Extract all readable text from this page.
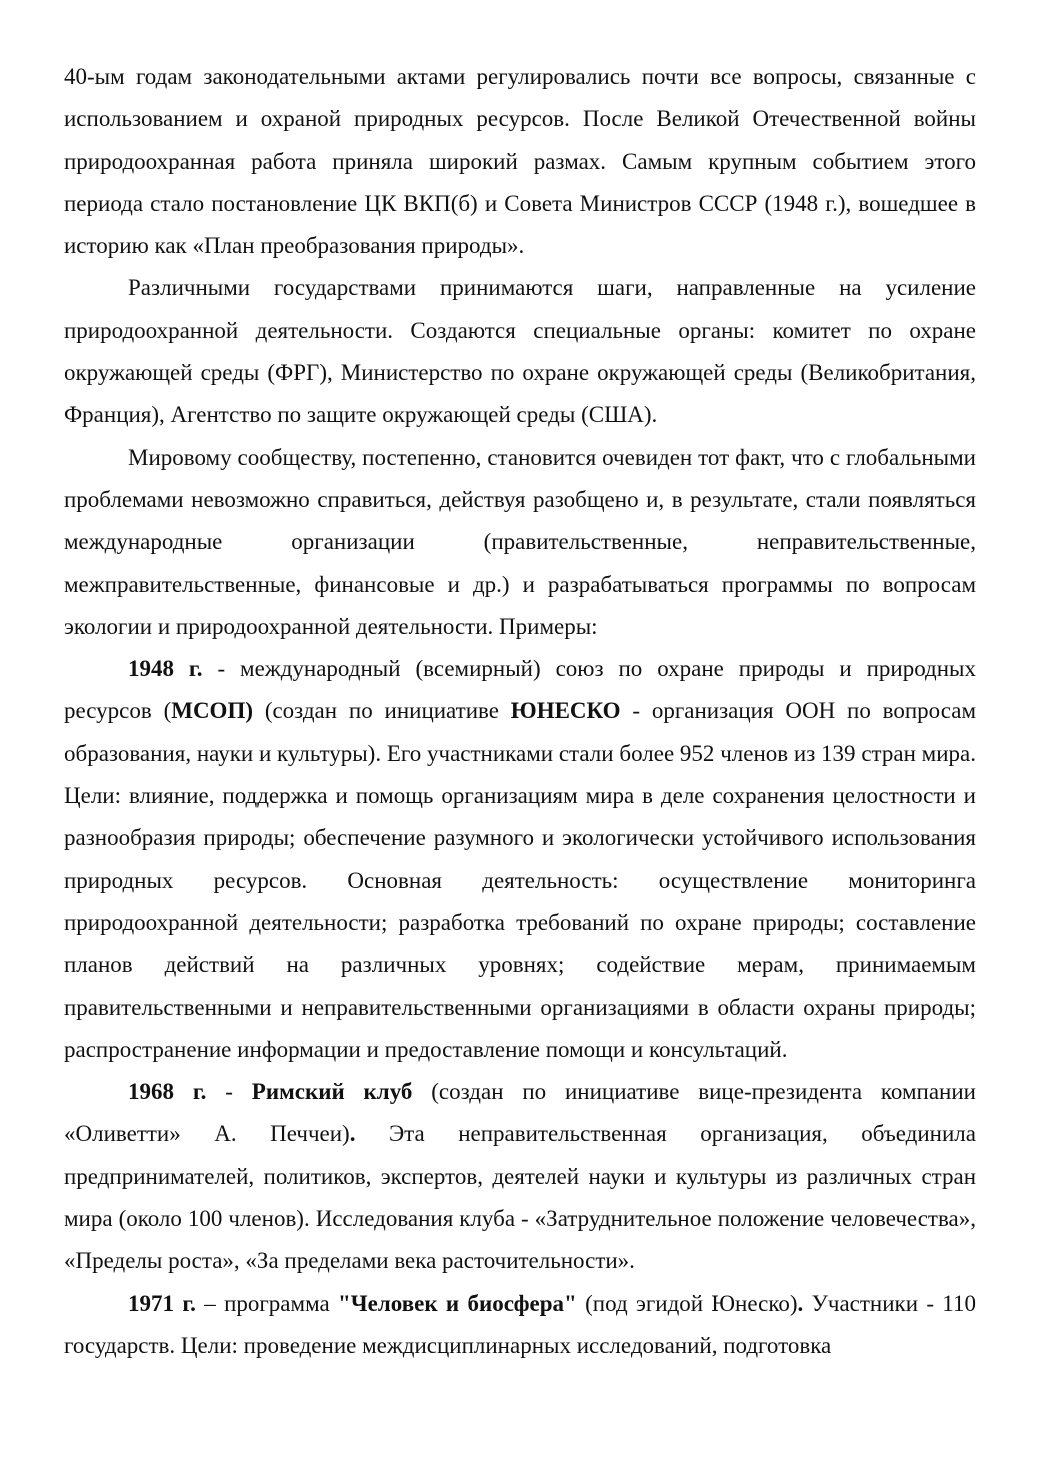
40-ым годам законодательными актами регулировались почти все вопросы, связанные с использованием и охраной природных ресурсов. После Великой Отечественной войны природоохранная работа приняла широкий размах. Самым крупным событием этого периода стало постановление ЦК ВКП(б) и Совета Министров СССР (1948 г.), вошедшее в историю как «План преобразования природы».

Различными государствами принимаются шаги, направленные на усиление природоохранной деятельности. Создаются специальные органы: комитет по охране окружающей среды (ФРГ), Министерство по охране окружающей среды (Великобритания, Франция), Агентство по защите окружающей среды (США).

Мировому сообществу, постепенно, становится очевиден тот факт, что с глобальными проблемами невозможно справиться, действуя разобщено и, в результате, стали появляться международные организации (правительственные, неправительственные, межправительственные, финансовые и др.) и разрабатываться программы по вопросам экологии и природоохранной деятельности. Примеры:

1948 г. - международный (всемирный) союз по охране природы и природных ресурсов (МСОП) (создан по инициативе ЮНЕСКО - организация ООН по вопросам образования, науки и культуры). Его участниками стали более 952 членов из 139 стран мира. Цели: влияние, поддержка и помощь организациям мира в деле сохранения целостности и разнообразия природы; обеспечение разумного и экологически устойчивого использования природных ресурсов. Основная деятельность: осуществление мониторинга природоохранной деятельности; разработка требований по охране природы; составление планов действий на различных уровнях; содействие мерам, принимаемым правительственными и неправительственными организациями в области охраны природы; распространение информации и предоставление помощи и консультаций.

1968 г. - Римский клуб (создан по инициативе вице-президента компании «Оливетти» А. Печчеи). Эта неправительственная организация, объединила предпринимателей, политиков, экспертов, деятелей науки и культуры из различных стран мира (около 100 членов). Исследования клуба - «Затруднительное положение человечества», «Пределы роста», «За пределами века расточительности».

1971 г. – программа "Человек и биосфера" (под эгидой Юнеско). Участники - 110 государств. Цели: проведение междисциплинарных исследований, подготовка
